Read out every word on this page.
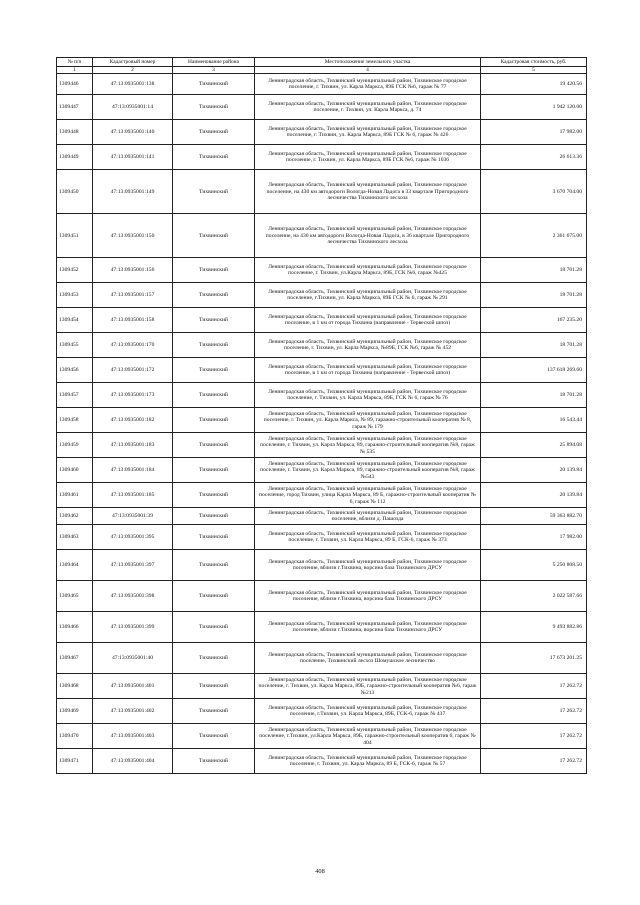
№ п/п	Кадастровый номер	Наименование района	Местоположение земельного участка	Кадастровая стоимость, руб.
1	2	3	4	5
1309446	47:13:0935001:138	Тихвинский	Ленинградская область, Тихвинский муниципальный район, Тихвинское городское поселение, г. Тихвин, ул. Карла Маркса, 89Б ГСК №6, гараж № 77	19 420.56
1309447	47:13:0935001:14	Тихвинский	Ленинградская область, Тихвинский муниципальный район, Тихвинское городское поселение, г. Тихвин, ул. Карла Маркса, д. 74	1 942 120.00
1309448	47:13:0935001:140	Тихвинский	Ленинградская область, Тихвинский муниципальный район, Тихвинское городское поселение, г. Тихвин, ул. Карла Маркса, 89Б ГСК № 6, гараж № 426	17 982.00
1309449	47:13:0935001:141	Тихвинский	Ленинградская область, Тихвинский муниципальный район, Тихвинское городское поселение, г. Тихвин, ул. Карла Маркса, 89Б ГСК №6, гараж № 1036	26 613.36
1309450	47:13:0935001:149	Тихвинский	Ленинградская область, Тихвинский муниципальный район, Тихвинское городское поселение, на 430 км автодороги Вологда-Новая Ладога в 33 квартале Пригородного лесничества Тихвинского лесхоза	3 670 704.00
1309451	47:13:0935001:150	Тихвинский	Ленинградская область, Тихвинский муниципальный район, Тихвинское городское поселение, на 430 км автодороги Вологда-Новая Ладога, в 36 квартале Пригородного лесничества Тихвинского лесхоза	2 361 675.00
1309452	47:13:0935001:156	Тихвинский	Ленинградская область, Тихвинский муниципальный район, Тихвинское городское поселение, г. Тихвин, ул.Карла Маркса, 89Б, ГСК №6, гараж №425	18 701.28
1309453	47:13:0935001:157	Тихвинский	Ленинградская область, Тихвинский муниципальный район, Тихвинское городское поселение, г.Тихвин, ул. Карла Маркса, 89Б ГСК № 6, гараж № 291	18 701.28
1309454	47:13:0935001:158	Тихвинский	Ленинградская область, Тихвинский муниципальный район, Тихвинское городское поселение, в 1 км от города Тихвина (направление - Тервеской шпоз)	167 235.20
1309455	47:13:0935001:170	Тихвинский	Ленинградская область, Тихвинский муниципальный район, Тихвинское городское поселение, г. Тихвин, ул. Карла Маркса, №89Б, ГСК №6, гараж № 452	18 701.28
1309456	47:13:0935001:172	Тихвинский	Ленинградская область, Тихвинский муниципальный район, Тихвинское городское поселение, в 1 км от города Тихвина (направление - Тервеской шпоз)	137 618 269.60
1309457	47:13:0935001:173	Тихвинский	Ленинградская область, Тихвинский муниципальный район, Тихвинское городское поселение, г. Тихвин, ул. Карла Маркса, 89Б, ГСК № 6, гараж № 76	18 701.28
1309458	47:13:0935001:182	Тихвинский	Ленинградская область, Тихвинский муниципальный район, Тихвинское городское поселение, г. Тихвин, ул. Карла Маркса, № 89, гаражно-строительный кооператив № 8, гараж № 179	16 543.44
1309459	47:13:0935001:183	Тихвинский	Ленинградская область, Тихвинский муниципальный район, Тихвинское городское поселение, г. Тихвин, ул. Карла Маркса, 89, гаражно-строительный кооператив №8, гараж № 535	25 894.08
1309460	47:13:0935001:184	Тихвинский	Ленинградская область, Тихвинский муниципальный район, Тихвинское городское поселение, г. Тихвин, ул. Карла Маркса, 89, гаражно-строительный кооператив №8, гараж №543	20 139.84
1309461	47:13:0935001:185	Тихвинский	Ленинградская область, Тихвинский муниципальный район, Тихвинское городское поселение, город Тихвин, улица Карла Маркса, 89 Б, гаражно-строительный кооператив № 6, гараж № 112	20 139.84
1309462	47:13:0935001:39	Тихвинский	Ленинградская область, Тихвинский муниципальный район, Тихвинское городское поселение, вблизи д. Пашозда	59 363 882.70
1309463	47:13:0935001:395	Тихвинский	Ленинградская область, Тихвинский муниципальный район, Тихвинское городское поселение, г. Тихвин, ул. Карла Маркса, 89 Б, ГСК-6, гараж № 373	17 982.00
1309464	47:13:0935001:397	Тихвинский	Ленинградская область, Тихвинский муниципальный район, Тихвинское городское поселение, вблизи г.Тихвина, ворсина база Тихвинского ДРСУ	5 250 808.50
1309465	47:13:0935001:398	Тихвинский	Ленинградская область, Тихвинский муниципальный район, Тихвинское городское поселение, вблизи г.Тихвина, ворсина база Тихвинского ДРСУ	2 022 587.66
1309466	47:13:0935001:399	Тихвинский	Ленинградская область, Тихвинский муниципальный район, Тихвинское городское поселение, вблизи г.Тихвина, ворсина база Тихвинского ДРСУ	9 493 882.86
1309467	47:13:0935001:40	Тихвинский	Ленинградская область, Тихвинский муниципальный район, Тихвинское городское поселение, Тихвинский лесхоз Шомушское лесничество	17 673 201.25
1309468	47:13:0935001:401	Тихвинский	Ленинградская область, Тихвинский муниципальный район, Тихвинское городское поселение, г. Тихвин, ул. Карла Маркса, 89Б, гаражно-строительный кооператив №6, гараж №213	17 262.72
1309469	47:13:0935001:402	Тихвинский	Ленинградская область, Тихвинский муниципальный район, Тихвинское городское поселение, г.Тихвин, ул. Карла Маркса, 89Б, ГСК-6, гараж № 437	17 262.72
1309470	47:13:0935001:403	Тихвинский	Ленинградская область, Тихвинский муниципальный район, Тихвинское городское поселение, г.Тихвин, ул.Карла Маркса, 89Б, гаражно-строительный кооператив 6, гараж № 404	17 262.72
1309471	47:13:0935001:404	Тихвинский	Ленинградская область, Тихвинский муниципальный район, Тихвинское городское поселение, г. Тихвин, ул. Карла Маркса, 89 Б, ГСК-6, гараж № 57	17 262.72
408
